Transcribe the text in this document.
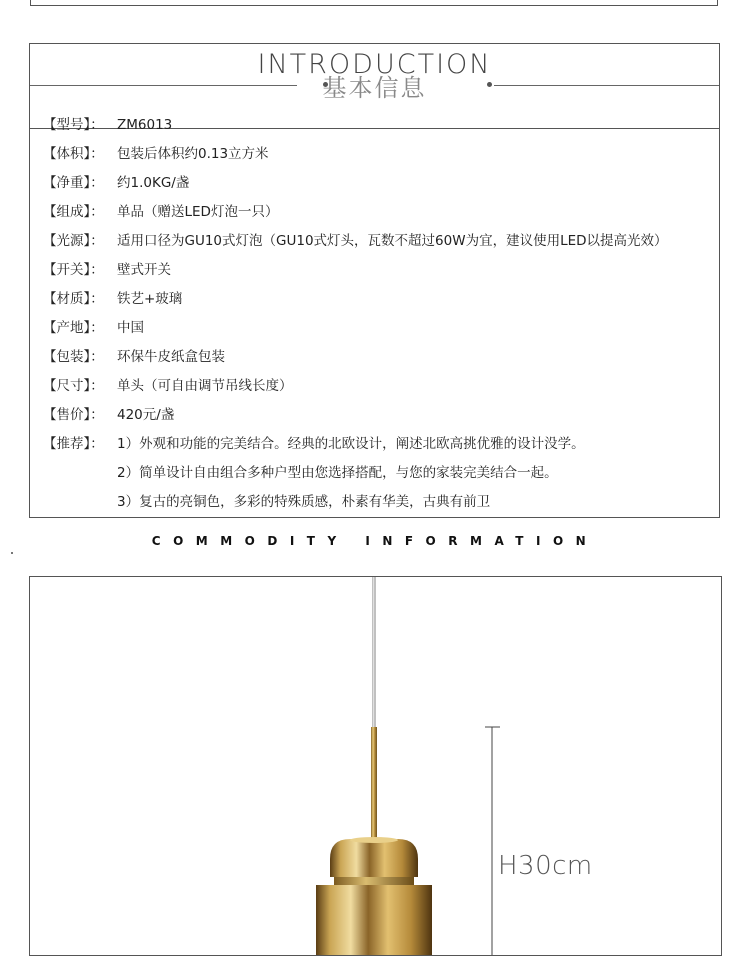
INTRODUCTION
基本信息
【型号】： ZM6013
【体积】： 包装后体积约0.13立方米
【净重】： 约1.0KG/盏
【组成】： 单品（赠送LED灯泡一只）
【光源】： 适用口径为GU10式灯泡（GU10式灯头，瓦数不超过60W为宜，建议使用LED以提高光效）
【开关】： 壁式开关
【材质】： 铁艺+玻璃
【产地】： 中国
【包装】： 环保牛皮纸盒包装
【尺寸】： 单头（可自由调节吊线长度）
【售价】： 420元/盏
【推荐】： 1）外观和功能的完美结合。经典的北欧设计，阐述北欧高挑优雅的设计没学。
2）简单设计自由组合多种户型由您选择搭配，与您的家装完美结合一起。
3）复古的亮铜色，多彩的特殊质感，朴素有华美，古典有前卫
COMMODITY INFORMATION
H30cm
